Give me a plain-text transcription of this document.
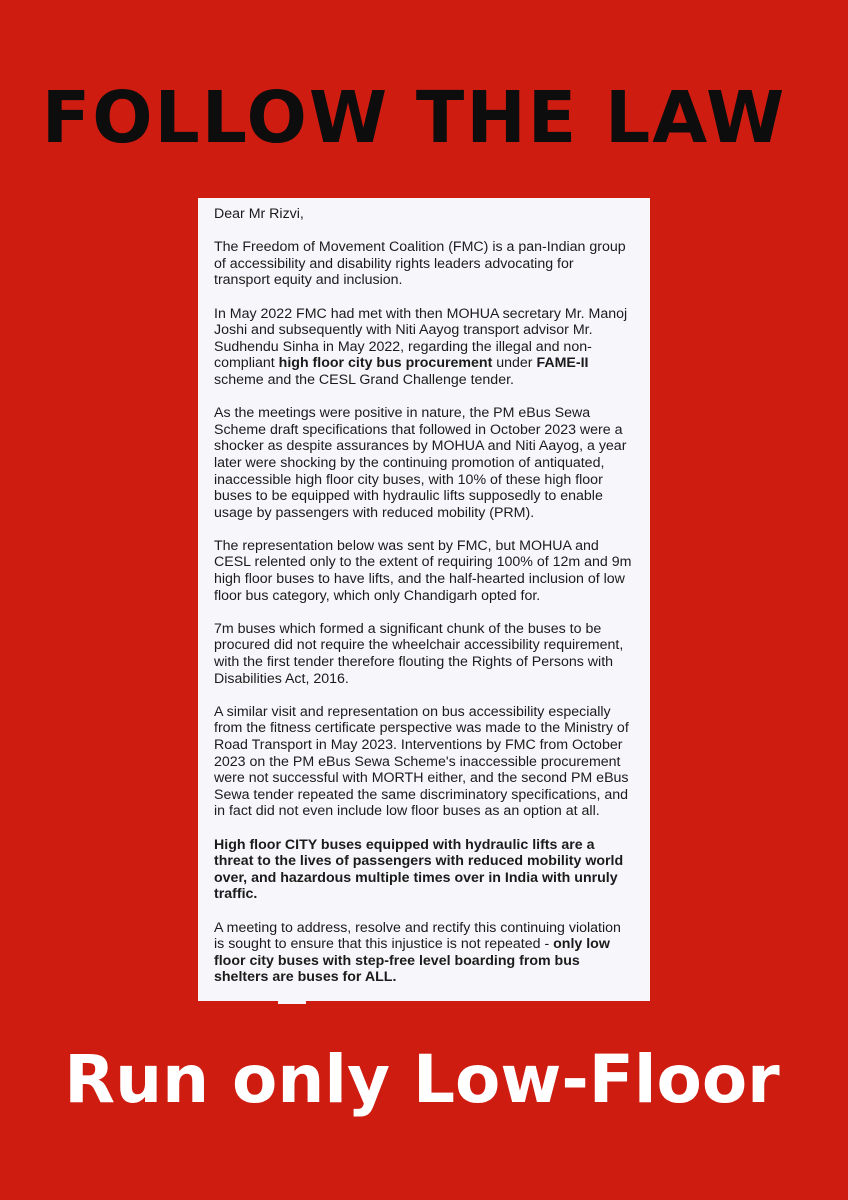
FOLLOW THE LAW

Dear Mr Rizvi,

The Freedom of Movement Coalition (FMC) is a pan-Indian group of accessibility and disability rights leaders advocating for transport equity and inclusion.

In May 2022 FMC had met with then MOHUA secretary Mr. Manoj Joshi and subsequently with Niti Aayog transport advisor Mr. Sudhendu Sinha in May 2022, regarding the illegal and non-compliant high floor city bus procurement under FAME-II scheme and the CESL Grand Challenge tender.

As the meetings were positive in nature, the PM eBus Sewa Scheme draft specifications that followed in October 2023 were a shocker as despite assurances by MOHUA and Niti Aayog, a year later were shocking by the continuing promotion of antiquated, inaccessible high floor city buses, with 10% of these high floor buses to be equipped with hydraulic lifts supposedly to enable usage by passengers with reduced mobility (PRM).

The representation below was sent by FMC, but MOHUA and CESL relented only to the extent of requiring 100% of 12m and 9m high floor buses to have lifts, and the half-hearted inclusion of low floor bus category, which only Chandigarh opted for.

7m buses which formed a significant chunk of the buses to be procured did not require the wheelchair accessibility requirement, with the first tender therefore flouting the Rights of Persons with Disabilities Act, 2016.

A similar visit and representation on bus accessibility especially from the fitness certificate perspective was made to the Ministry of Road Transport in May 2023. Interventions by FMC from October 2023 on the PM eBus Sewa Scheme's inaccessible procurement were not successful with MORTH either, and the second PM eBus Sewa tender repeated the same discriminatory specifications, and in fact did not even include low floor buses as an option at all.

High floor CITY buses equipped with hydraulic lifts are a threat to the lives of passengers with reduced mobility world over, and hazardous multiple times over in India with unruly traffic.

A meeting to address, resolve and rectify this continuing violation is sought to ensure that this injustice is not repeated - only low floor city buses with step-free level boarding from bus shelters are buses for ALL.

Run only Low-Floor
